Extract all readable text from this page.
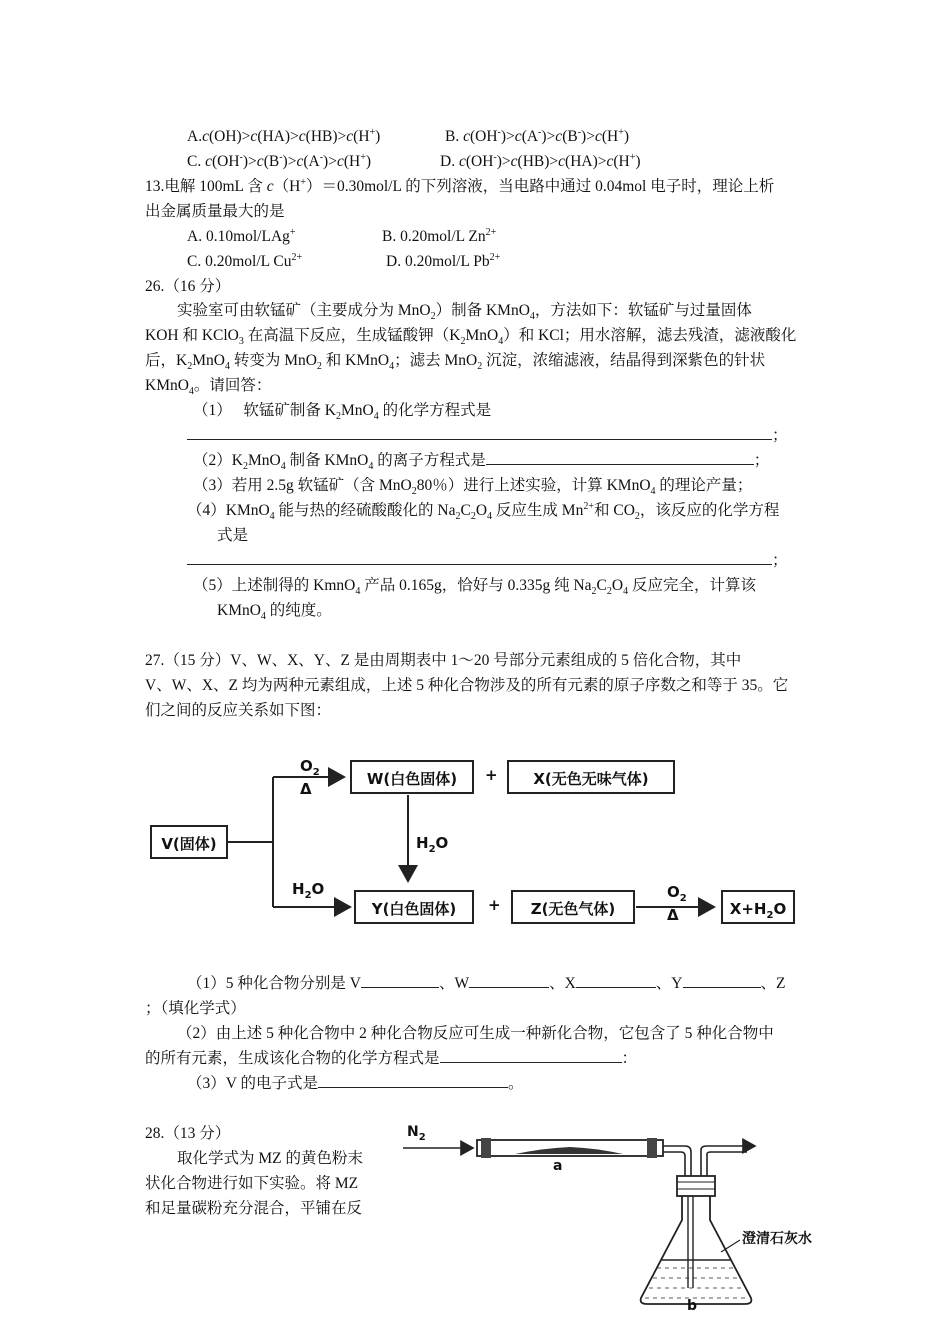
A.c(OH)>c(HA)>c(HB)>c(H+)	B. c(OH-)>c(A-)>c(B-)>c(H+)
C. c(OH-)>c(B-)>c(A-)>c(H+)	D. c(OH-)>c(HB)>c(HA)>c(H+)
13.电解 100mL 含 c（H+）＝0.30mol/L 的下列溶液，当电路中通过 0.04mol 电子时，理论上析
出金属质量最大的是
A. 0.10mol/LAg+	B. 0.20mol/L $Zn^{2+}$
C. 0.20mol/L $Cu^{2+}$	D. 0.20mol/L $Pb^{2+}$
26.（16 分）
实验室可由软锰矿（主要成分为 MnO$_2$）制备 KMnO$_4$，方法如下：软锰矿与过量固体
KOH 和 KClO$_3$ 在高温下反应，生成锰酸钾$(K_2MnO_4)$和 KCl；用水溶解，滤去残渣，滤液酸化
后，$K_2MnO_4$ 转变为 MnO$_2$ 和 KMnO$_4$；滤去 MnO$_2$ 沉淀，浓缩滤液，结晶得到深紫色的针状
KMnO$_4$。请回答：
（1）   软锰矿制备 $K_2MnO_4$ 的化学方程式是
；
$(2)K_2MnO_4$ 制备 KMnO$_4$ 的离子方程式是	；
（3）若用 2.5g 软锰矿（含 MnO$_2$80％）进行上述实验，计算 KMnO$_4$ 的理论产量；
（4）KMnO$_4$ 能与热的经硫酸酸化的 $Na_2C_2O_4$ 反应生成 $Mn^{2+}$和 $CO_2$，该反应的化学方程
式是
；
（5）上述制得的 KmnO$_4$ 产品 0.165g，恰好与 0.335g 纯 $Na_2C_2O_4$ 反应完全，计算该
KMnO$_4$ 的纯度。
27.（15 分）V、W、X、Y、Z 是由周期表中 1～20 号部分元素组成的 5 倍化合物，其中
V、W、X、Z 均为两种元素组成，上述 5 种化合物涉及的所有元素的原子序数之和等于 35。它
们之间的反应关系如下图：
V(固体)
W(白色固体)	+	X(无色无味气体)
$O_2$
Δ
$H_2O$
$H_2O$
Y(白色固体)	+	Z(无色气体)
$O_2$
Δ	$X+H_2O$
（1）5 种化合物分别是 V	、W	、X	、Y	、Z
；（填化学式）
（2）由上述 5 种化合物中 2 种化合物反应可生成一种新化合物，它包含了 5 种化合物中
的所有元素，生成该化合物的化学方程式是	：
（3）V 的电子式是	。
28.（13 分）
取化学式为 MZ 的黄色粉末
状化合物进行如下实验。将 MZ
和足量碳粉充分混合，平铺在反
$N_2$
a
澄清石灰水
b
